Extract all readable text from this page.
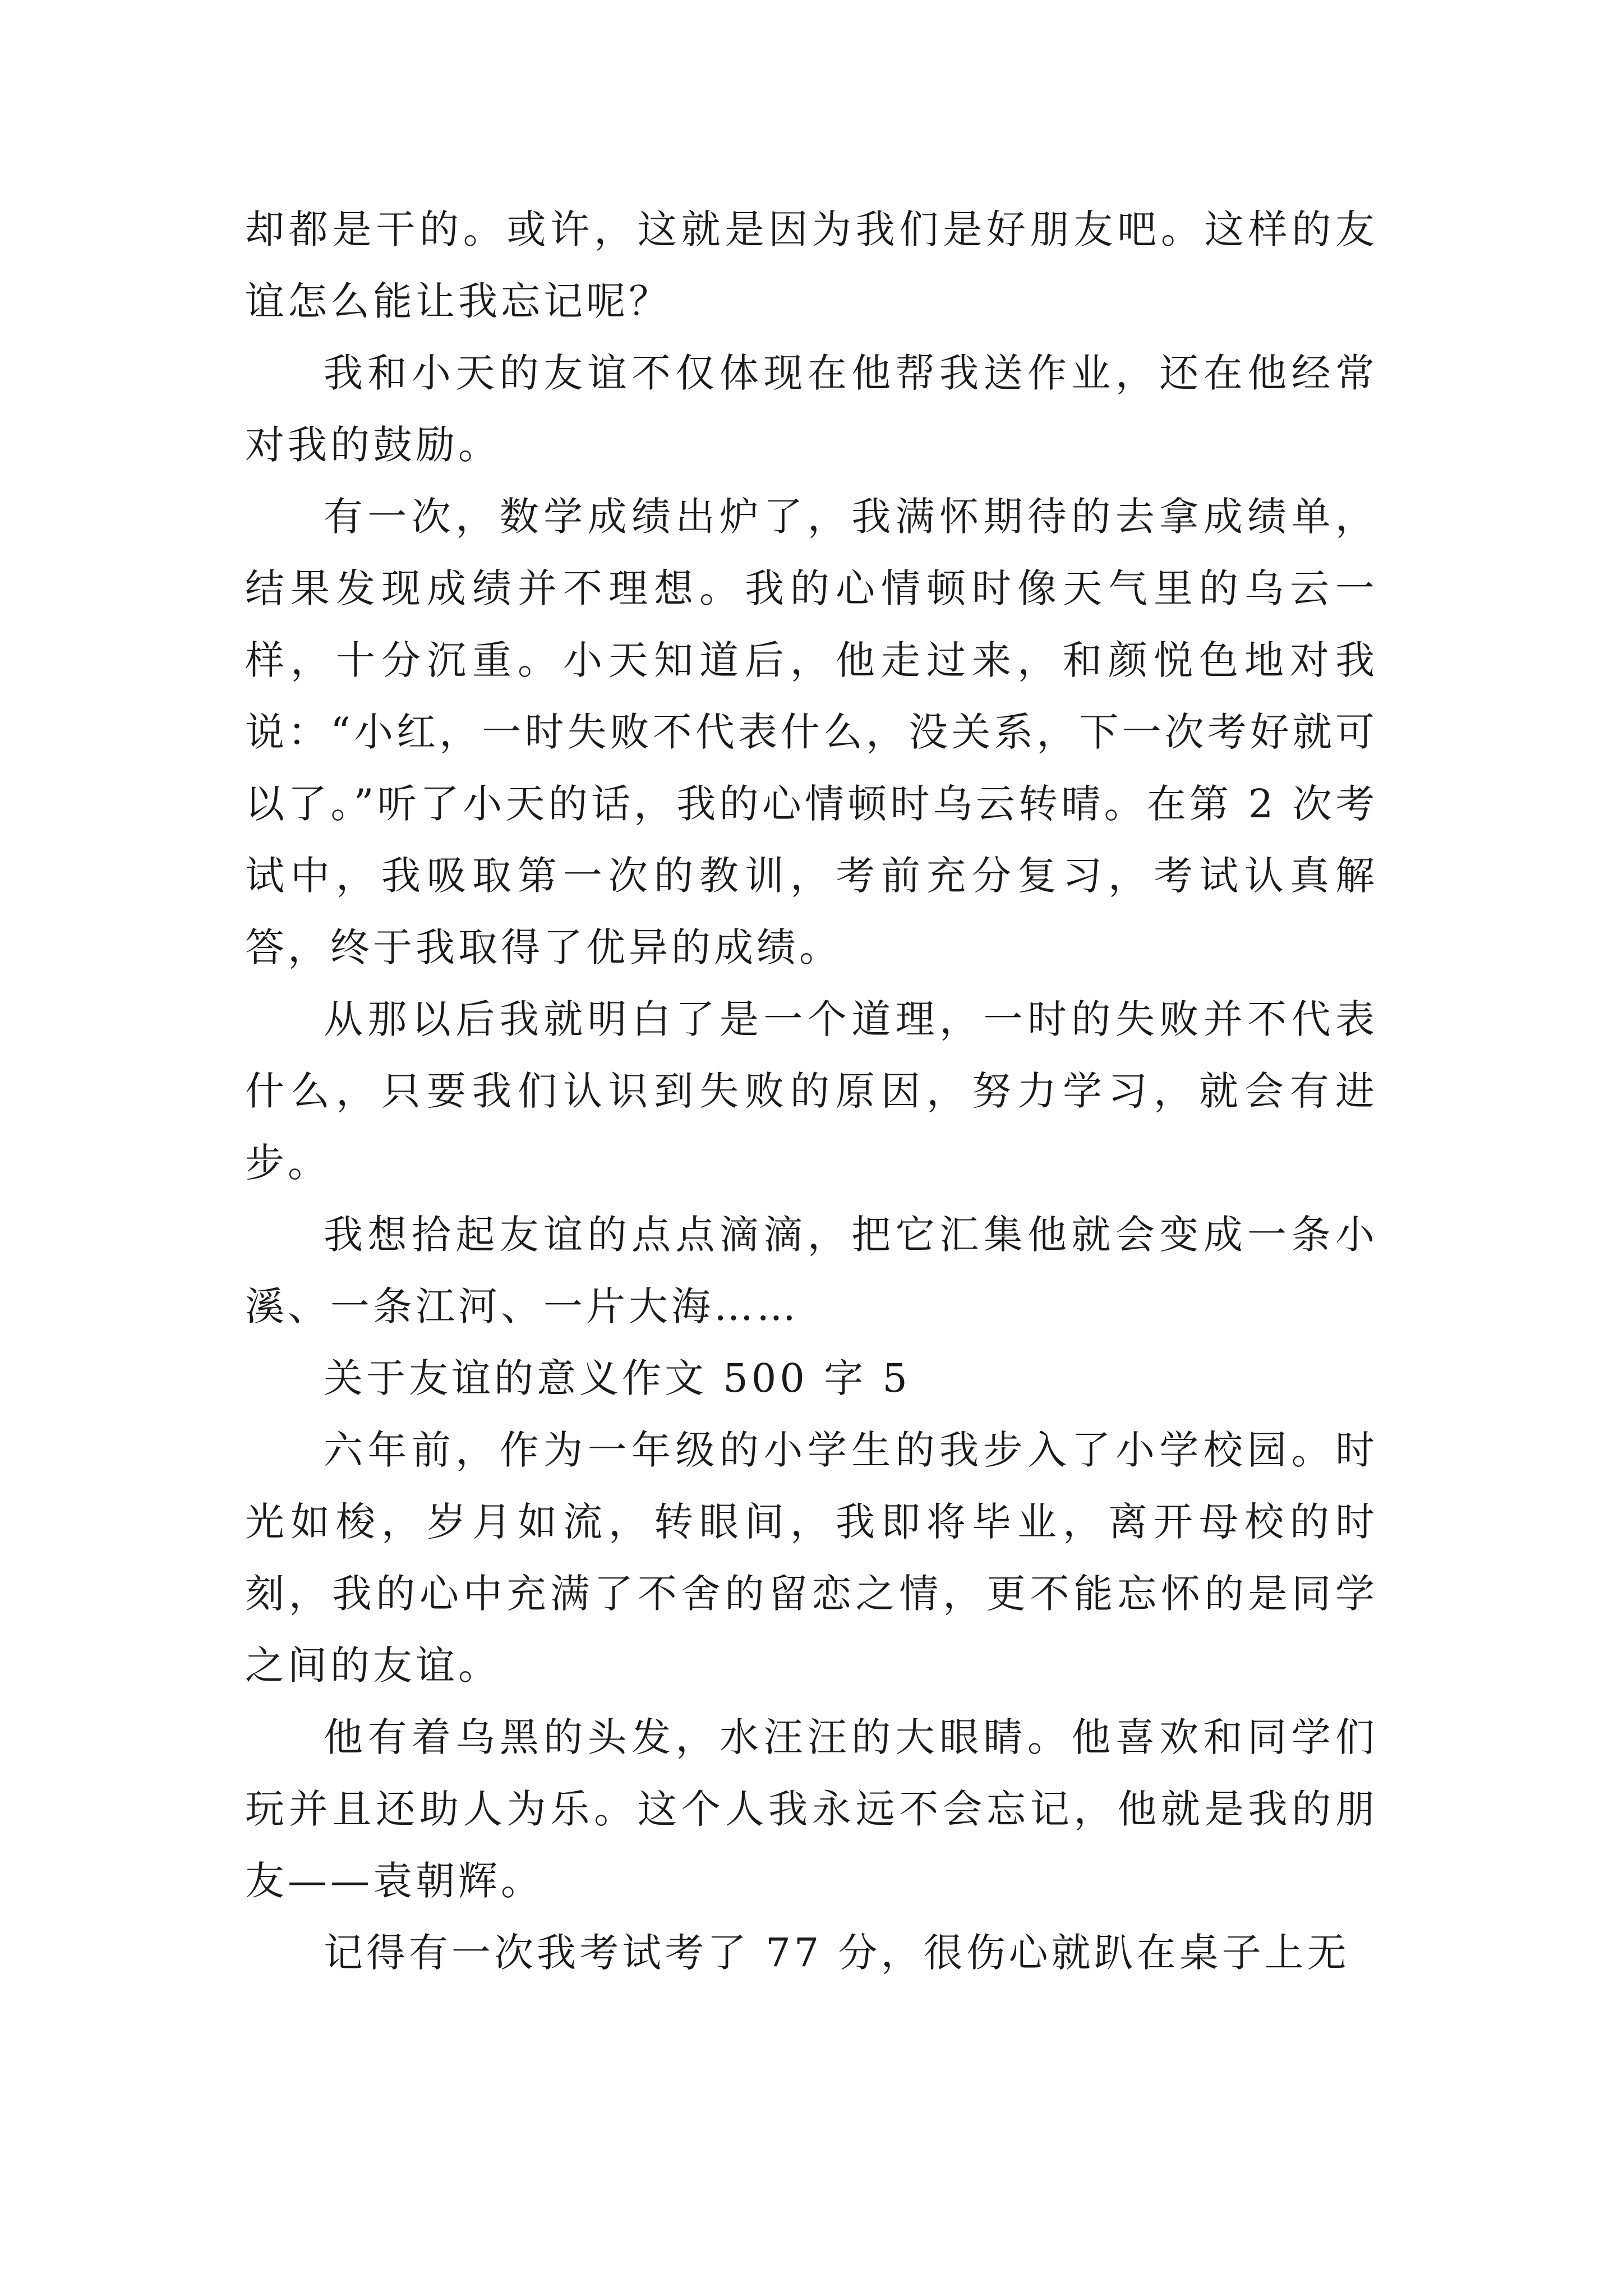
却都是干的。或许，这就是因为我们是好朋友吧。这样的友谊怎么能让我忘记呢？

我和小天的友谊不仅体现在他帮我送作业，还在他经常对我的鼓励。

有一次，数学成绩出炉了，我满怀期待的去拿成绩单，结果发现成绩并不理想。我的心情顿时像天气里的乌云一样，十分沉重。小天知道后，他走过来，和颜悦色地对我说：“小红，一时失败不代表什么，没关系，下一次考好就可以了。”听了小天的话，我的心情顿时乌云转晴。在第 2 次考试中，我吸取第一次的教训，考前充分复习，考试认真解答，终于我取得了优异的成绩。

从那以后我就明白了是一个道理，一时的失败并不代表什么，只要我们认识到失败的原因，努力学习，就会有进步。

我想拾起友谊的点点滴滴，把它汇集他就会变成一条小溪、一条江河、一片大海……

关于友谊的意义作文 500 字 5

六年前，作为一年级的小学生的我步入了小学校园。时光如梭，岁月如流，转眼间，我即将毕业，离开母校的时刻，我的心中充满了不舍的留恋之情，更不能忘怀的是同学之间的友谊。

他有着乌黑的头发，水汪汪的大眼睛。他喜欢和同学们玩并且还助人为乐。这个人我永远不会忘记，他就是我的朋友——袁朝辉。

记得有一次我考试考了 77 分，很伤心就趴在桌子上无
